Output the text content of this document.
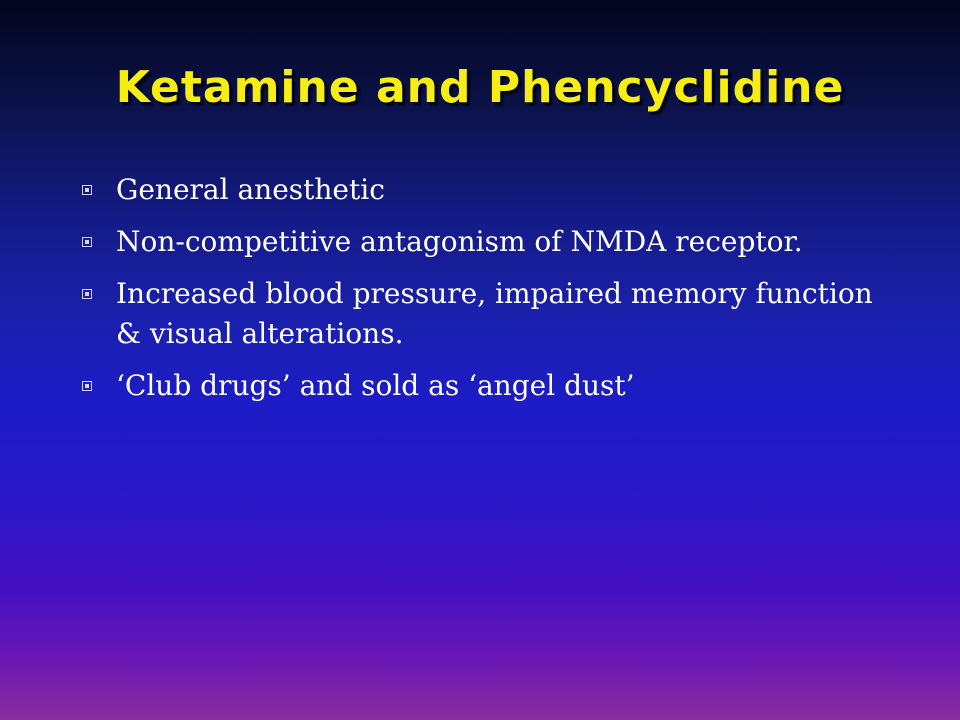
Ketamine and Phencyclidine
General anesthetic
Non-competitive antagonism of NMDA receptor.
Increased blood pressure, impaired memory function & visual alterations.
‘Club drugs’ and sold as ‘angel dust’
